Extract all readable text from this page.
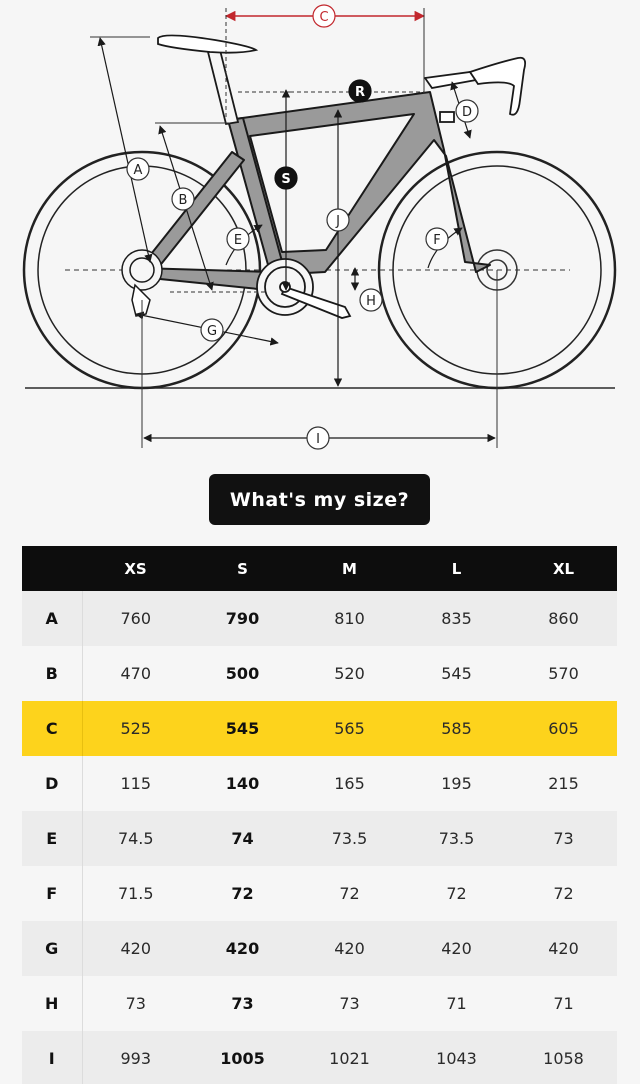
C
A
B
E
S
R
J
D
F
H
G
I
What's my size?
	XS	S	M	L	XL
A	760	790	810	835	860
B	470	500	520	545	570
C	525	545	565	585	605
D	115	140	165	195	215
E	74.5	74	73.5	73.5	73
F	71.5	72	72	72	72
G	420	420	420	420	420
H	73	73	73	71	71
I	993	1005	1021	1043	1058
